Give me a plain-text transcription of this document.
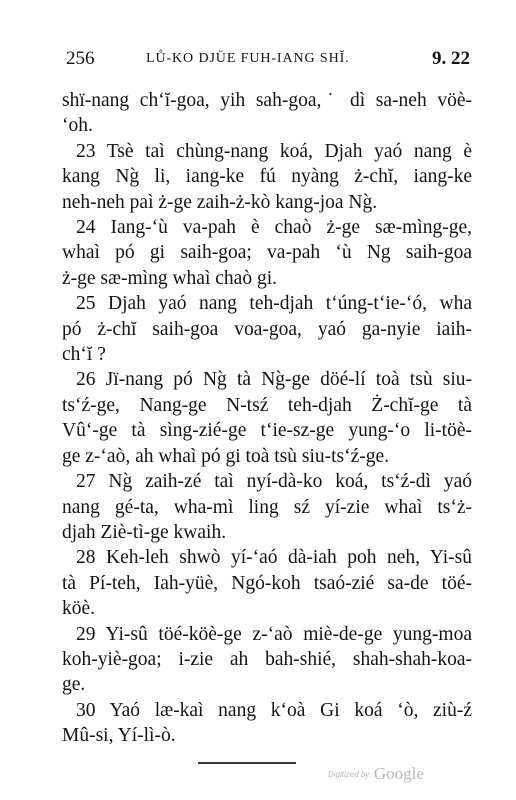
256	LŮ-KO DJÜE FUH-IANG SHĬ.	9. 22

shï-nang ch‘ĭ-goa, yih sah-goa,˙ dì sa-neh vöè-
‘oh.

23 Tsè taì chùng-nang koá, Djah yaó nang è
kang Ng̀ li, iang-ke fú nyàng ż-chĭ, iang-ke
neh-neh paì ż-ge zaih-ż-kò kang-joa Ng̀.

24 Iang-‘ù va-pah è chaò ż-ge sæ-mìng-ge,
whaì pó gi saih-goa; va-pah ‘ù Ng saih-goa
ż-ge sæ-mìng whaì chaò gi.

25 Djah yaó nang teh-djah t‘úng-t‘ie-‘ó, wha
pó ż-chĭ saih-goa voa-goa, yaó ga-nyie iaih-
ch‘ĭ ?

26 Jï-nang pó Ng̀ tà Ng̀-ge döé-lí toà tsù siu-
ts‘ź-ge, Nang-ge N-tsź teh-djah Ż-chĭ-ge tà
Vû‘-ge tà sìng-zié-ge t‘ie-sz-ge yung-‘o li-töè-
ge z-‘aò, ah whaì pó gi toà tsù siu-ts‘ź-ge.

27 Ng̀ zaih-zé taì nyí-dà-ko koá, ts‘ź-dì yaó
nang gé-ta, wha-mì ling sź yí-zie whaì ts‘ż-
djah Ziè-tì-ge kwaih.

28 Keh-leh shwò yí-‘aó dà-iah poh neh, Yi-sû
tà Pí-teh, Iah-yüè, Ngó-koh tsaó-zié sa-de töé-
köè.

29 Yi-sû töé-köè-ge z-‘aò miè-de-ge yung-moa
koh-yiè-goa; i-zie ah bah-shié, shah-shah-koa-
ge.

30 Yaó læ-kaì nang k‘oà Gi koá ‘ò, ziù-ź
Mû-si, Yí-lì-ò.

Digitized by Google
